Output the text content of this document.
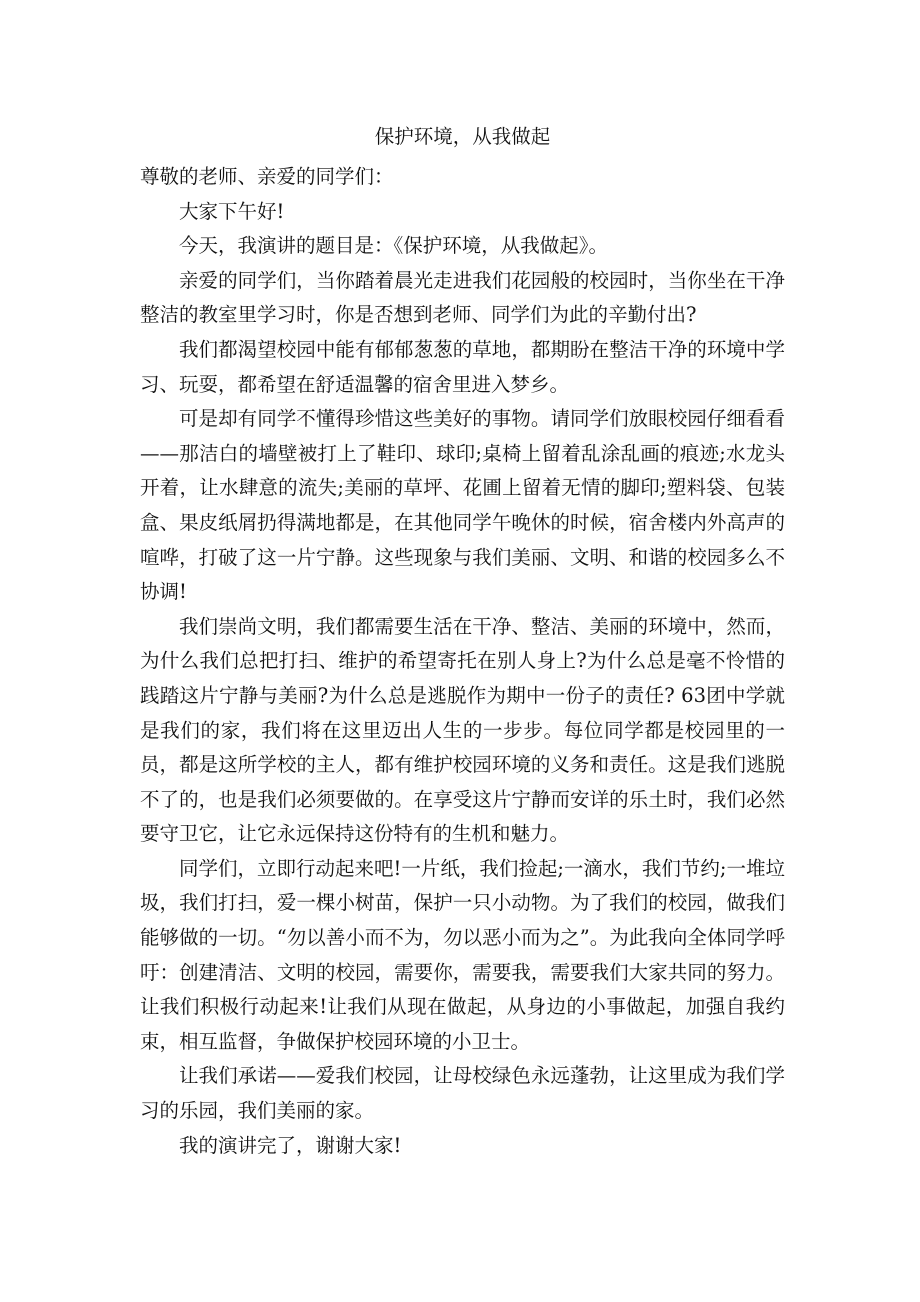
保护环境，从我做起

尊敬的老师、亲爱的同学们：

大家下午好!

今天，我演讲的题目是：《保护环境，从我做起》。

亲爱的同学们，当你踏着晨光走进我们花园般的校园时，当你坐在干净整洁的教室里学习时，你是否想到老师、同学们为此的辛勤付出?

我们都渴望校园中能有郁郁葱葱的草地，都期盼在整洁干净的环境中学习、玩耍，都希望在舒适温馨的宿舍里进入梦乡。

可是却有同学不懂得珍惜这些美好的事物。请同学们放眼校园仔细看看——那洁白的墙壁被打上了鞋印、球印;桌椅上留着乱涂乱画的痕迹;水龙头开着，让水肆意的流失;美丽的草坪、花圃上留着无情的脚印;塑料袋、包装盒、果皮纸屑扔得满地都是，在其他同学午晚休的时候，宿舍楼内外高声的喧哗，打破了这一片宁静。这些现象与我们美丽、文明、和谐的校园多么不协调!

我们崇尚文明，我们都需要生活在干净、整洁、美丽的环境中，然而，为什么我们总把打扫、维护的希望寄托在别人身上?为什么总是毫不怜惜的践踏这片宁静与美丽?为什么总是逃脱作为期中一份子的责任? 63团中学就是我们的家，我们将在这里迈出人生的一步步。每位同学都是校园里的一员，都是这所学校的主人，都有维护校园环境的义务和责任。这是我们逃脱不了的，也是我们必须要做的。在享受这片宁静而安详的乐土时，我们必然要守卫它，让它永远保持这份特有的生机和魅力。

同学们，立即行动起来吧!一片纸，我们捡起;一滴水，我们节约;一堆垃圾，我们打扫，爱一棵小树苗，保护一只小动物。为了我们的校园，做我们能够做的一切。“勿以善小而不为，勿以恶小而为之”。为此我向全体同学呼吁：创建清洁、文明的校园，需要你，需要我，需要我们大家共同的努力。让我们积极行动起来!让我们从现在做起，从身边的小事做起，加强自我约束，相互监督，争做保护校园环境的小卫士。

让我们承诺——爱我们校园，让母校绿色永远蓬勃，让这里成为我们学习的乐园，我们美丽的家。

我的演讲完了，谢谢大家!
